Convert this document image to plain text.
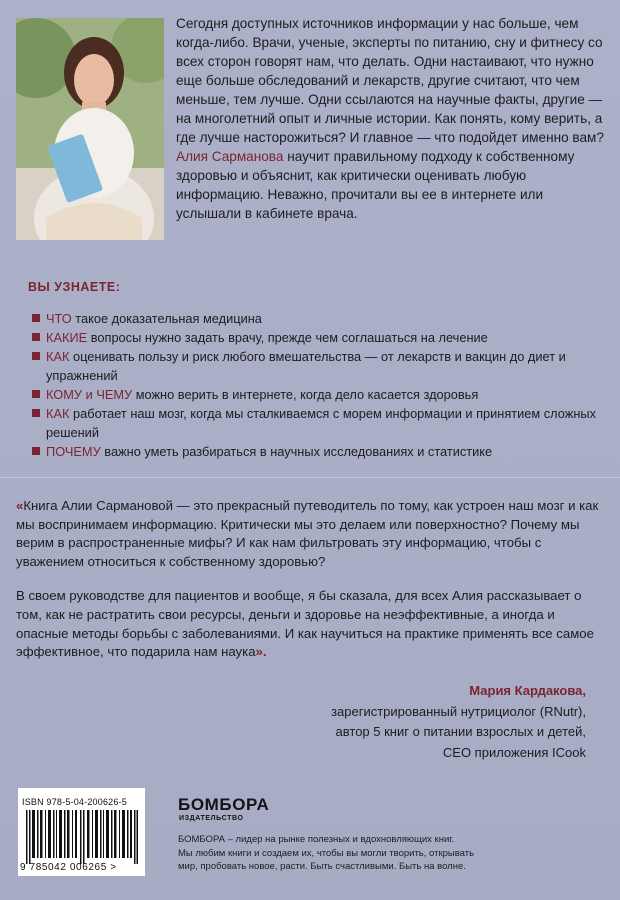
Сегодня доступных источников информации у нас больше, чем когда-либо. Врачи, ученые, эксперты по питанию, сну и фитнесу со всех сторон говорят нам, что делать. Одни настаивают, что нужно еще больше обследований и лекарств, другие считают, что чем меньше, тем лучше. Одни ссылаются на научные факты, другие — на многолетний опыт и личные истории. Как понять, кому верить, а где лучше насторожиться? И главное — что подойдет именно вам?

Алия Сарманова научит правильному подходу к собственному здоровью и объяснит, как критически оценивать любую информацию. Неважно, прочитали вы ее в интернете или услышали в кабинете врача.

ВЫ УЗНАЕТЕ:
ЧТО такое доказательная медицина
КАКИЕ вопросы нужно задать врачу, прежде чем соглашаться на лечение
КАК оценивать пользу и риск любого вмешательства — от лекарств и вакцин до диет и упражнений
КОМУ и ЧЕМУ можно верить в интернете, когда дело касается здоровья
КАК работает наш мозг, когда мы сталкиваемся с морем информации и принятием сложных решений
ПОЧЕМУ важно уметь разбираться в научных исследованиях и статистике

«Книга Алии Сармановой — это прекрасный путеводитель по тому, как устроен наш мозг и как мы воспринимаем информацию. Критически мы это делаем или поверхностно? Почему мы верим в распространенные мифы? И как нам фильтровать эту информацию, чтобы с уважением относиться к собственному здоровью?

В своем руководстве для пациентов и вообще, я бы сказала, для всех Алия рассказывает о том, как не растратить свои ресурсы, деньги и здоровье на неэффективные, а иногда и опасные методы борьбы с заболеваниями. И как научиться на практике применять все самое эффективное, что подарила нам наука».

Мария Кардакова,
зарегистрированный нутрициолог (RNutr),
автор 5 книг о питании взрослых и детей,
CEO приложения ICook
ISBN 978-5-04-200626-5
9 785042 006265 >
БОМБОРА
ИЗДАТЕЛЬСТВО

БОМБОРА – лидер на рынке полезных и вдохновляющих книг.

Мы любим книги и создаем их, чтобы вы могли творить, открывать

мир, пробовать новое, расти. Быть счастливыми. Быть на волне.
